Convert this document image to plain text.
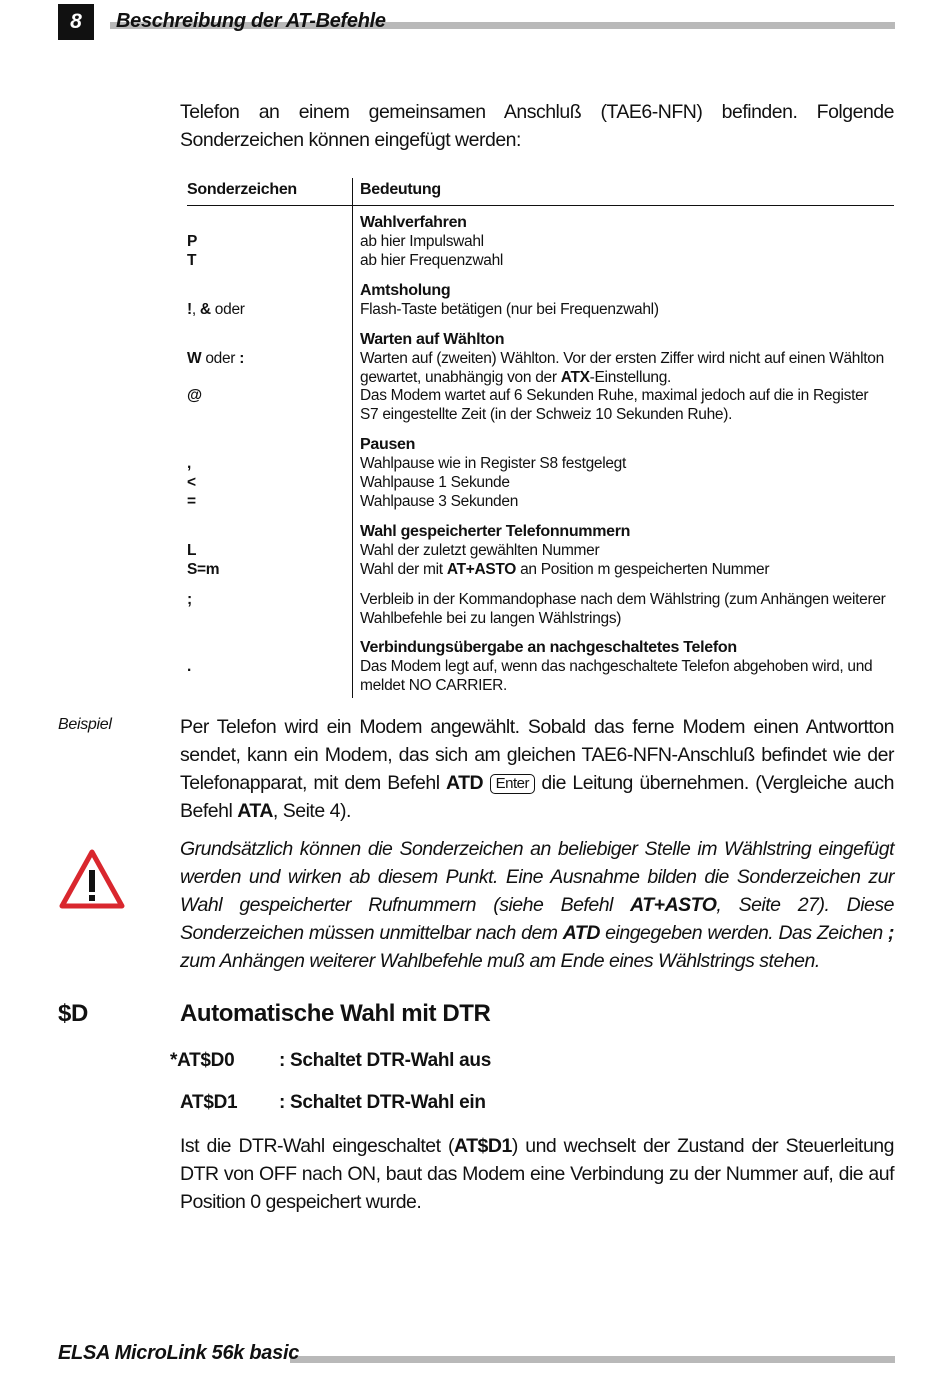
8	Beschreibung der AT-Befehle
Telefon an einem gemeinsamen Anschluß (TAE6-NFN) befinden. Folgende Sonderzeichen können eingefügt werden:
Sonderzeichen	Bedeutung
Wahlverfahren
P	ab hier Impulswahl
T	ab hier Frequenzwahl
Amtsholung
!, & oder	Flash-Taste betätigen (nur bei Frequenzwahl)
Warten auf Wählton
W oder :	Warten auf (zweiten) Wählton. Vor der ersten Ziffer wird nicht auf einen Wählton gewartet, unabhängig von der ATX-Einstellung.
@	Das Modem wartet auf 6 Sekunden Ruhe, maximal jedoch auf die in Register S7 eingestellte Zeit (in der Schweiz 10 Sekunden Ruhe).
Pausen
,	Wahlpause wie in Register S8 festgelegt
<	Wahlpause 1 Sekunde
=	Wahlpause 3 Sekunden
Wahl gespeicherter Telefonnummern
L	Wahl der zuletzt gewählten Nummer
S=m	Wahl der mit AT+ASTO an Position m gespeicherten Nummer
;	Verbleib in der Kommandophase nach dem Wählstring (zum Anhängen weiterer Wahlbefehle bei zu langen Wählstrings)
Verbindungsübergabe an nachgeschaltetes Telefon
.	Das Modem legt auf, wenn das nachgeschaltete Telefon abgehoben wird, und meldet NO CARRIER.
Beispiel	Per Telefon wird ein Modem angewählt. Sobald das ferne Modem einen Antwortton sendet, kann ein Modem, das sich am gleichen TAE6-NFN-Anschluß befindet wie der Telefonapparat, mit dem Befehl ATD Enter die Leitung übernehmen. (Vergleiche auch Befehl ATA, Seite 4).
Grundsätzlich können die Sonderzeichen an beliebiger Stelle im Wählstring eingefügt werden und wirken ab diesem Punkt. Eine Ausnahme bilden die Sonderzeichen zur Wahl gespeicherter Rufnummern (siehe Befehl AT+ASTO, Seite 27). Diese Sonderzeichen müssen unmittelbar nach dem ATD eingegeben werden. Das Zeichen ; zum Anhängen weiterer Wahlbefehle muß am Ende eines Wählstrings stehen.
$D	Automatische Wahl mit DTR
*AT$D0 : Schaltet DTR-Wahl aus
AT$D1 : Schaltet DTR-Wahl ein
Ist die DTR-Wahl eingeschaltet (AT$D1) und wechselt der Zustand der Steuerleitung DTR von OFF nach ON, baut das Modem eine Verbindung zu der Nummer auf, die auf Position 0 gespeichert wurde.
ELSA MicroLink 56k basic
